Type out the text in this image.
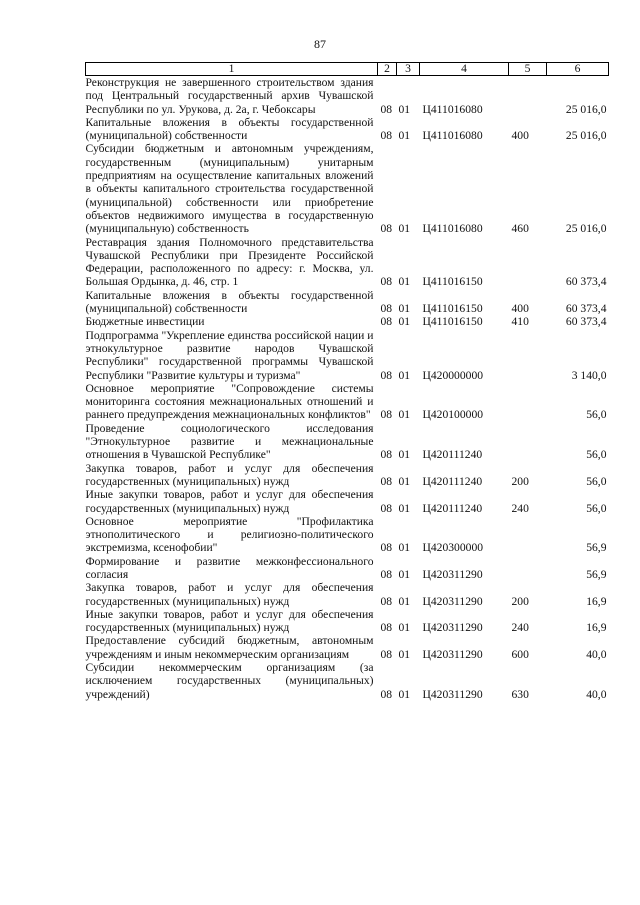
87
1	2	3	4	5	6
Реконструкция не завершенного строительством здания под Центральный государственный архив Чувашской Республики по ул. Урукова, д. 2а, г. Чебоксары	08	01	Ц411016080		25 016,0
Капитальные вложения в объекты государственной (муниципальной) собственности	08	01	Ц411016080	400	25 016,0
Субсидии бюджетным и автономным учреждениям, государственным (муниципальным) унитарным предприятиям на осуществление капитальных вложений в объекты капитального строительства государственной (муниципальной) собственности или приобретение объектов недвижимого имущества в государственную (муниципальную) собственность	08	01	Ц411016080	460	25 016,0
Реставрация здания Полномочного представительства Чувашской Республики при Президенте Российской Федерации, расположенного по адресу: г. Москва, ул. Большая Ордынка, д. 46, стр. 1	08	01	Ц411016150		60 373,4
Капитальные вложения в объекты государственной (муниципальной) собственности	08	01	Ц411016150	400	60 373,4
Бюджетные инвестиции	08	01	Ц411016150	410	60 373,4
Подпрограмма "Укрепление единства российской нации и этнокультурное развитие народов Чувашской Республики" государственной программы Чувашской Республики "Развитие культуры и туризма"	08	01	Ц420000000		3 140,0
Основное мероприятие "Сопровождение системы мониторинга состояния межнациональных отношений и раннего предупреждения межнациональных конфликтов"	08	01	Ц420100000		56,0
Проведение социологического исследования "Этнокультурное развитие и межнациональные отношения в Чувашской Республике"	08	01	Ц420111240		56,0
Закупка товаров, работ и услуг для обеспечения государственных (муниципальных) нужд	08	01	Ц420111240	200	56,0
Иные закупки товаров, работ и услуг для обеспечения государственных (муниципальных) нужд	08	01	Ц420111240	240	56,0
Основное мероприятие "Профилактика этнополитического и религиозно-политического экстремизма, ксенофобии"	08	01	Ц420300000		56,9
Формирование и развитие межконфессионального согласия	08	01	Ц420311290		56,9
Закупка товаров, работ и услуг для обеспечения государственных (муниципальных) нужд	08	01	Ц420311290	200	16,9
Иные закупки товаров, работ и услуг для обеспечения государственных (муниципальных) нужд	08	01	Ц420311290	240	16,9
Предоставление субсидий бюджетным, автономным учреждениям и иным некоммерческим организациям	08	01	Ц420311290	600	40,0
Субсидии некоммерческим организациям (за исключением государственных (муниципальных) учреждений)	08	01	Ц420311290	630	40,0
